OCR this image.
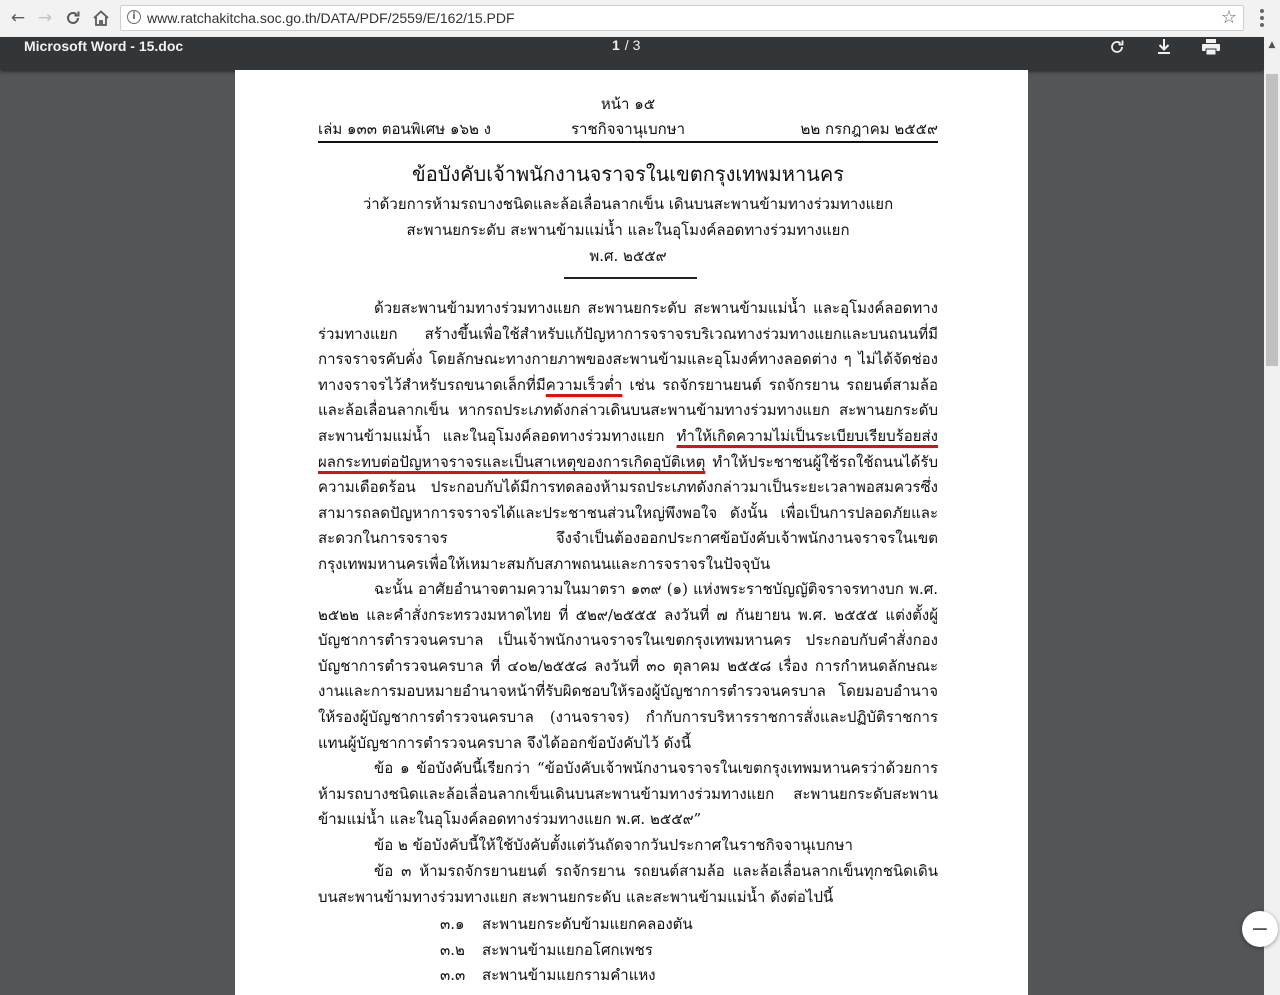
← →	i www.ratchakitcha.soc.go.th/DATA/PDF/2559/E/162/15.PDF	☆
Microsoft Word - 15.doc	1 / 3	▲
หน้า ๑๕
เล่ม ๑๓๓ ตอนพิเศษ ๑๖๒ ง	ราชกิจจานุเบกษา	๒๒ กรกฎาคม ๒๕๕๙
ข้อบังคับเจ้าพนักงานจราจรในเขตกรุงเทพมหานคร
ว่าด้วยการห้ามรถบางชนิดและล้อเลื่อนลากเข็น เดินบนสะพานข้ามทางร่วมทางแยก
สะพานยกระดับ สะพานข้ามแม่น้ำ และในอุโมงค์ลอดทางร่วมทางแยก
พ.ศ. ๒๕๕๙
ด้วยสะพานข้ามทางร่วมทางแยก สะพานยกระดับ สะพานข้ามแม่น้ำ และอุโมงค์ลอดทางร่วมทางแยก สร้างขึ้นเพื่อใช้สำหรับแก้ปัญหาการจราจรบริเวณทางร่วมทางแยกและบนถนนที่มีการจราจรคับคั่ง โดยลักษณะทางกายภาพของสะพานข้ามและอุโมงค์ทางลอดต่าง ๆ ไม่ได้จัดช่องทางจราจรไว้สำหรับรถขนาดเล็กที่มีความเร็วต่ำ เช่น รถจักรยานยนต์ รถจักรยาน รถยนต์สามล้อและล้อเลื่อนลากเข็น หากรถประเภทดังกล่าวเดินบนสะพานข้ามทางร่วมทางแยก สะพานยกระดับสะพานข้ามแม่น้ำ และในอุโมงค์ลอดทางร่วมทางแยก ทำให้เกิดความไม่เป็นระเบียบเรียบร้อยส่งผลกระทบต่อปัญหาจราจรและเป็นสาเหตุของการเกิดอุบัติเหตุ ทำให้ประชาชนผู้ใช้รถใช้ถนนได้รับความเดือดร้อน ประกอบกับได้มีการทดลองห้ามรถประเภทดังกล่าวมาเป็นระยะเวลาพอสมควรซึ่งสามารถลดปัญหาการจราจรได้และประชาชนส่วนใหญ่พึงพอใจ ดังนั้น เพื่อเป็นการปลอดภัยและสะดวกในการจราจร จึงจำเป็นต้องออกประกาศข้อบังคับเจ้าพนักงานจราจรในเขตกรุงเทพมหานครเพื่อให้เหมาะสมกับสภาพถนนและการจราจรในปัจจุบัน
ฉะนั้น อาศัยอำนาจตามความในมาตรา ๑๓๙ (๑) แห่งพระราชบัญญัติจราจรทางบก พ.ศ. ๒๕๒๒ และคำสั่งกระทรวงมหาดไทย ที่ ๕๒๙/๒๕๕๕ ลงวันที่ ๗ กันยายน พ.ศ. ๒๕๕๕ แต่งตั้งผู้บัญชาการตำรวจนครบาล เป็นเจ้าพนักงานจราจรในเขตกรุงเทพมหานคร ประกอบกับคำสั่งกองบัญชาการตำรวจนครบาล ที่ ๔๐๒/๒๕๕๘ ลงวันที่ ๓๐ ตุลาคม ๒๕๕๘ เรื่อง การกำหนดลักษณะงานและการมอบหมายอำนาจหน้าที่รับผิดชอบให้รองผู้บัญชาการตำรวจนครบาล โดยมอบอำนาจให้รองผู้บัญชาการตำรวจนครบาล (งานจราจร) กำกับการบริหารราชการสั่งและปฏิบัติราชการแทนผู้บัญชาการตำรวจนครบาล จึงได้ออกข้อบังคับไว้ ดังนี้
ข้อ ๑ ข้อบังคับนี้เรียกว่า “ข้อบังคับเจ้าพนักงานจราจรในเขตกรุงเทพมหานครว่าด้วยการห้ามรถบางชนิดและล้อเลื่อนลากเข็นเดินบนสะพานข้ามทางร่วมทางแยก สะพานยกระดับสะพานข้ามแม่น้ำ และในอุโมงค์ลอดทางร่วมทางแยก พ.ศ. ๒๕๕๙”
ข้อ ๒ ข้อบังคับนี้ให้ใช้บังคับตั้งแต่วันถัดจากวันประกาศในราชกิจจานุเบกษา
ข้อ ๓ ห้ามรถจักรยานยนต์ รถจักรยาน รถยนต์สามล้อ และล้อเลื่อนลากเข็นทุกชนิดเดินบนสะพานข้ามทางร่วมทางแยก สะพานยกระดับ และสะพานข้ามแม่น้ำ ดังต่อไปนี้
๓.๑ สะพานยกระดับข้ามแยกคลองตัน
๓.๒ สะพานข้ามแยกอโศกเพชร
๓.๓ สะพานข้ามแยกรามคำแหง
−
